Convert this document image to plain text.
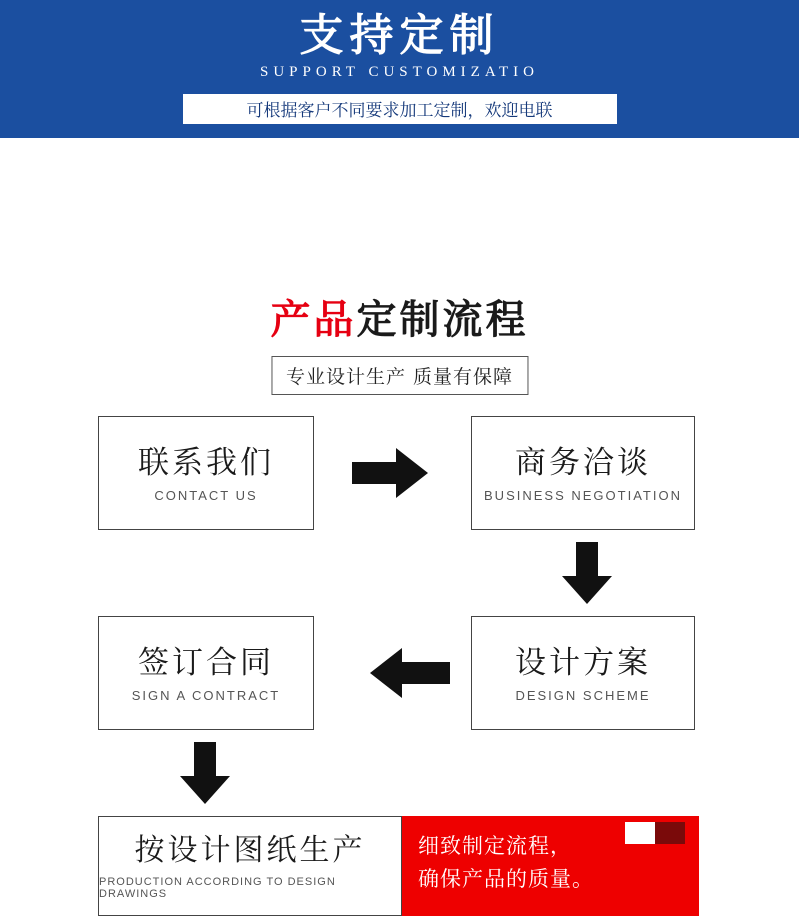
支持定制
SUPPORT CUSTOMIZATIO
可根据客户不同要求加工定制，欢迎电联
产品定制流程
专业设计生产 质量有保障
联系我们
CONTACT US
商务洽谈
BUSINESS NEGOTIATION
设计方案
DESIGN SCHEME
签订合同
SIGN A CONTRACT
按设计图纸生产
PRODUCTION ACCORDING TO DESIGN DRAWINGS
细致制定流程，
确保产品的质量。
